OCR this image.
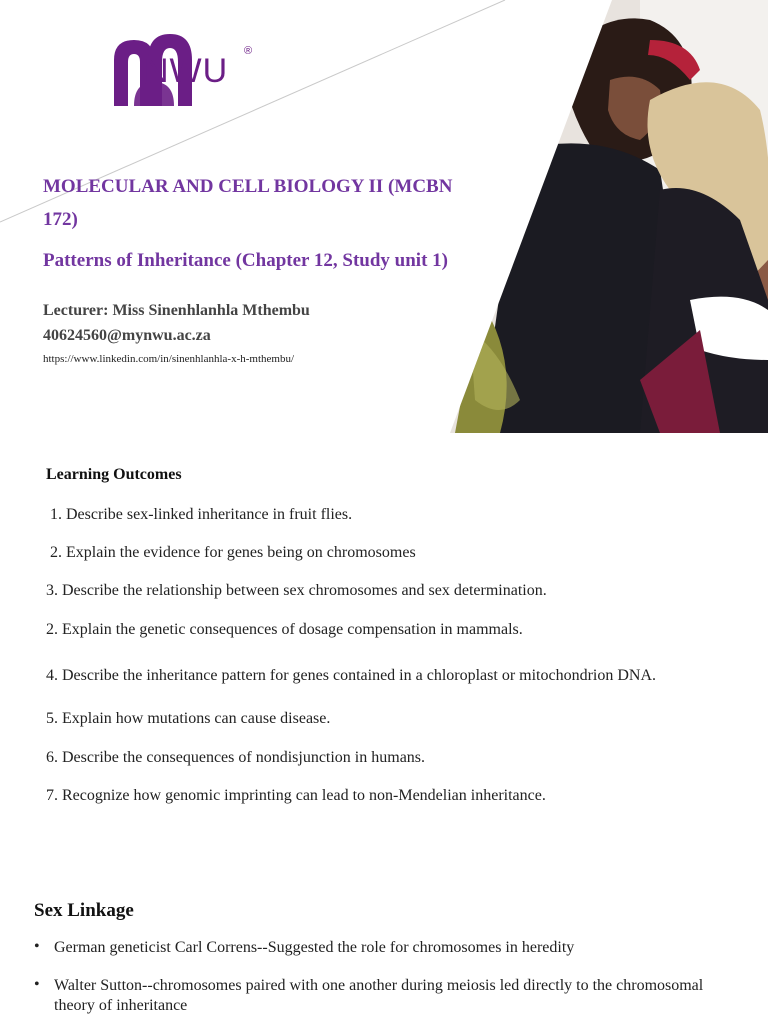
NWU
®
MOLECULAR AND CELL BIOLOGY II (MCBN 172)
Patterns of Inheritance (Chapter 12, Study unit 1)
Lecturer: Miss Sinenhlanhla Mthembu
40624560@mynwu.ac.za
https://www.linkedin.com/in/sinenhlanhla-x-h-mthembu/
Learning Outcomes
1. Describe sex-linked inheritance in fruit flies.
2. Explain the evidence for genes being on chromosomes
3. Describe the relationship between sex chromosomes and sex determination.
2. Explain the genetic consequences of dosage compensation in mammals.
4. Describe the inheritance pattern for genes contained in a chloroplast or mitochondrion DNA.
5. Explain how mutations can cause disease.
6. Describe the consequences of nondisjunction in humans.
7. Recognize how genomic imprinting can lead to non-Mendelian inheritance.
Sex Linkage
• German geneticist Carl Correns--Suggested the role for chromosomes in heredity
• Walter Sutton--chromosomes paired with one another during meiosis led directly to the chromosomal theory of inheritance
